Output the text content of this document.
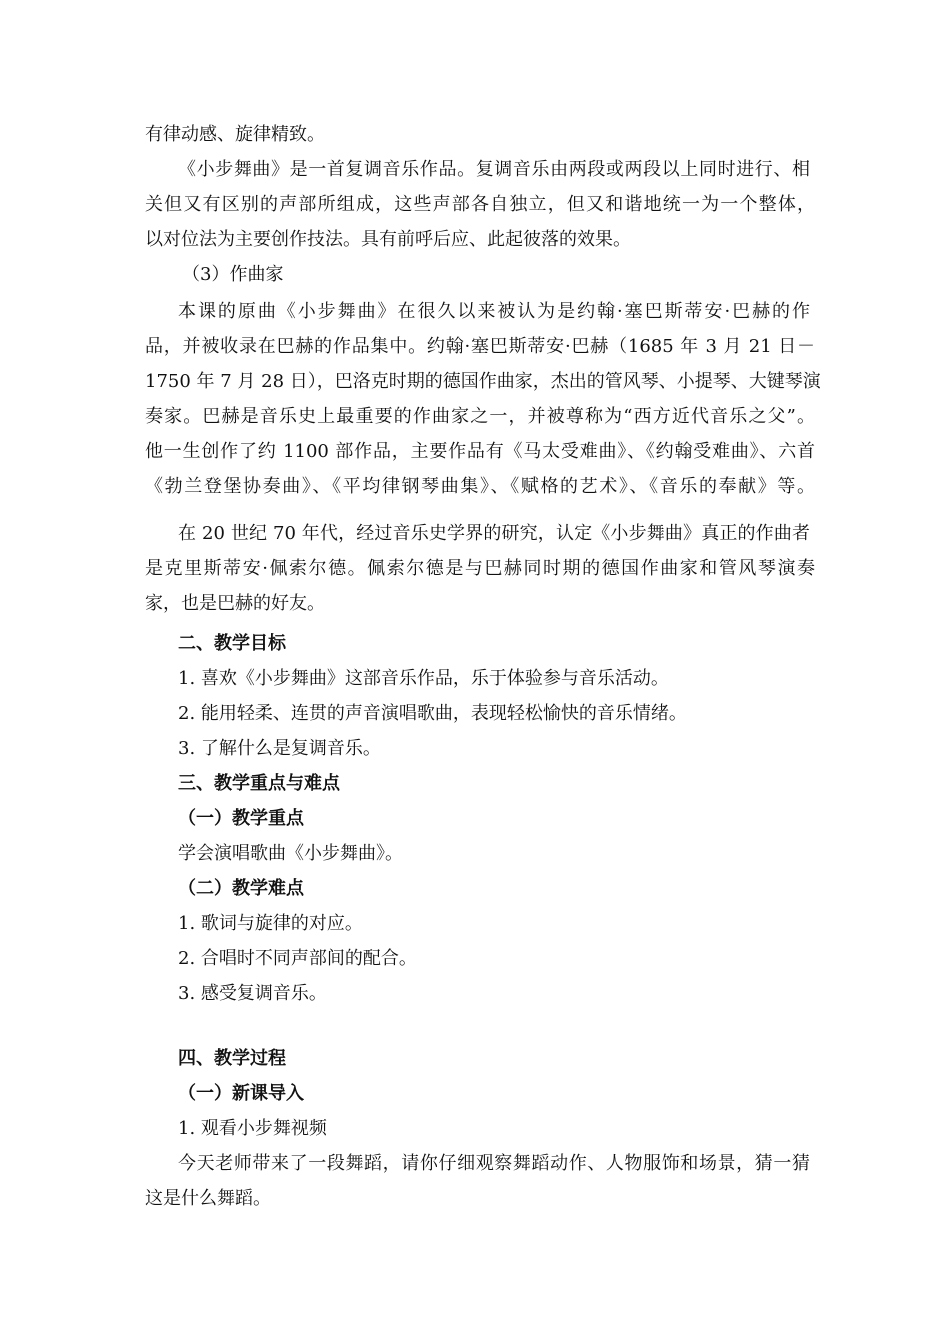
有律动感、旋律精致。
《小步舞曲》是一首复调音乐作品。复调音乐由两段或两段以上同时进行、相
关但又有区别的声部所组成，这些声部各自独立，但又和谐地统一为一个整体，
以对位法为主要创作技法。具有前呼后应、此起彼落的效果。
（3）作曲家
本课的原曲《小步舞曲》在很久以来被认为是约翰·塞巴斯蒂安·巴赫的作
品，并被收录在巴赫的作品集中。约翰·塞巴斯蒂安·巴赫（1685 年 3 月 21 日－
1750 年 7 月 28 日），巴洛克时期的德国作曲家，杰出的管风琴、小提琴、大键琴演
奏家。巴赫是音乐史上最重要的作曲家之一，并被尊称为“西方近代音乐之父”。
他一生创作了约 1100 部作品，主要作品有《马太受难曲》、《约翰受难曲》、六首
《勃兰登堡协奏曲》、《平均律钢琴曲集》、《赋格的艺术》、《音乐的奉献》等。
在 20 世纪 70 年代，经过音乐史学界的研究，认定《小步舞曲》真正的作曲者
是克里斯蒂安·佩索尔德。佩索尔德是与巴赫同时期的德国作曲家和管风琴演奏
家，也是巴赫的好友。
二、教学目标
1. 喜欢《小步舞曲》这部音乐作品，乐于体验参与音乐活动。
2. 能用轻柔、连贯的声音演唱歌曲，表现轻松愉快的音乐情绪。
3. 了解什么是复调音乐。
三、教学重点与难点
（一）教学重点
学会演唱歌曲《小步舞曲》。
（二）教学难点
1. 歌词与旋律的对应。
2. 合唱时不同声部间的配合。
3. 感受复调音乐。
四、教学过程
（一）新课导入
1. 观看小步舞视频
今天老师带来了一段舞蹈，请你仔细观察舞蹈动作、人物服饰和场景，猜一猜
这是什么舞蹈。
